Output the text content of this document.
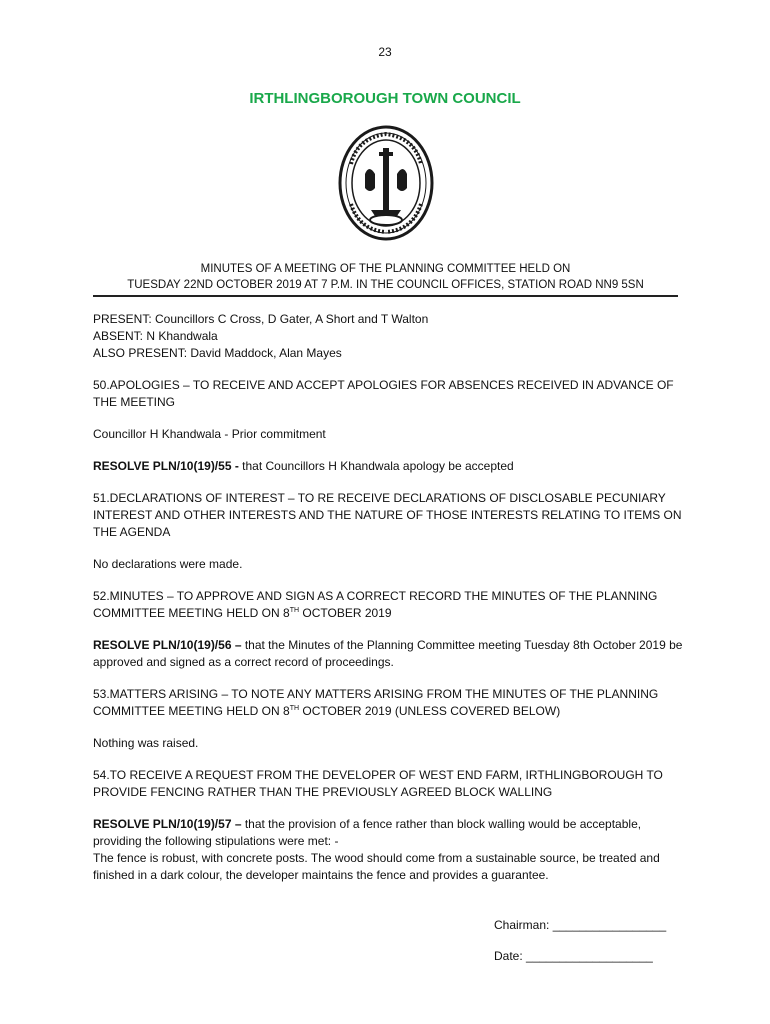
23
IRTHLINGBOROUGH TOWN COUNCIL
MINUTES OF A MEETING OF THE PLANNING COMMITTEE HELD ON
TUESDAY 22ND OCTOBER 2019 AT 7 P.M. IN THE COUNCIL OFFICES, STATION ROAD NN9 5SN
PRESENT: Councillors C Cross, D Gater, A Short and T Walton
ABSENT: N Khandwala
ALSO PRESENT: David Maddock, Alan Mayes

50.APOLOGIES – TO RECEIVE AND ACCEPT APOLOGIES FOR ABSENCES RECEIVED IN ADVANCE OF THE MEETING

Councillor H Khandwala - Prior commitment

RESOLVE PLN/10(19)/55 - that Councillors H Khandwala apology be accepted

51.DECLARATIONS OF INTEREST – TO RE RECEIVE DECLARATIONS OF DISCLOSABLE PECUNIARY INTEREST AND OTHER INTERESTS AND THE NATURE OF THOSE INTERESTS RELATING TO ITEMS ON THE AGENDA

No declarations were made.

52.MINUTES – TO APPROVE AND SIGN AS A CORRECT RECORD THE MINUTES OF THE PLANNING
COMMITTEE MEETING HELD ON 8TH OCTOBER 2019

RESOLVE PLN/10(19)/56 – that the Minutes of the Planning Committee meeting Tuesday 8th October 2019 be approved and signed as a correct record of proceedings.

53.MATTERS ARISING – TO NOTE ANY MATTERS ARISING FROM THE MINUTES OF THE PLANNING
COMMITTEE MEETING HELD ON 8TH OCTOBER 2019 (UNLESS COVERED BELOW)

Nothing was raised.

54.TO RECEIVE A REQUEST FROM THE DEVELOPER OF WEST END FARM, IRTHLINGBOROUGH TO PROVIDE FENCING RATHER THAN THE PREVIOUSLY AGREED BLOCK WALLING

RESOLVE PLN/10(19)/57 – that the provision of a fence rather than block walling would be acceptable, providing the following stipulations were met: -
The fence is robust, with concrete posts. The wood should come from a sustainable source, be treated and finished in a dark colour, the developer maintains the fence and provides a guarantee.

Chairman: _________________
Date: ___________________
